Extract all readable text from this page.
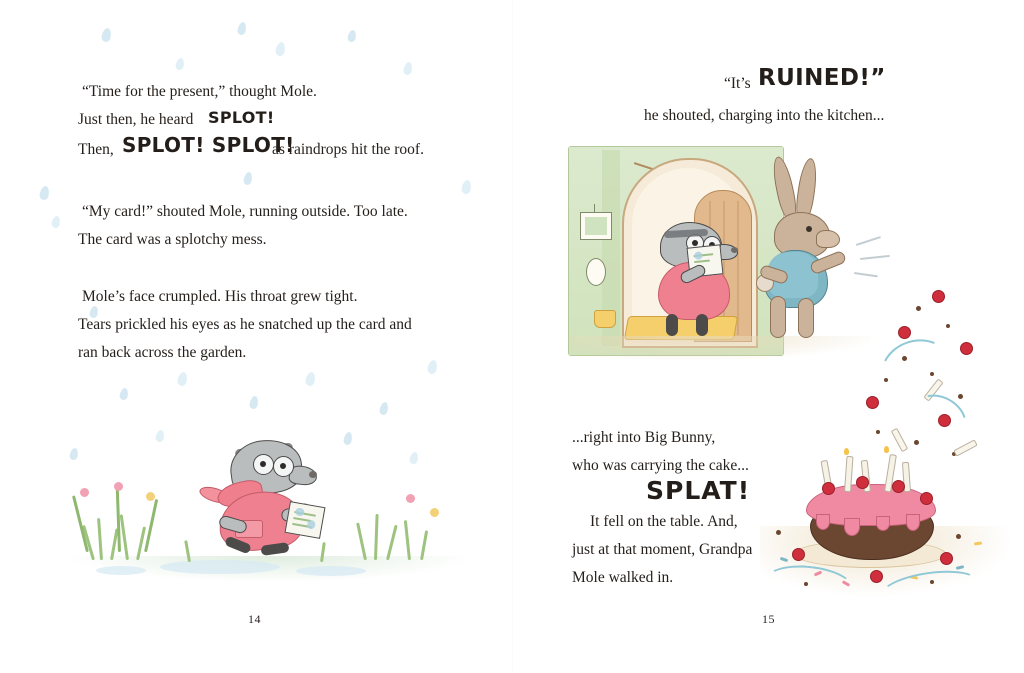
“Time for the present,” thought Mole.
Just then, he heard SPLOT!
Then, SPLOT! SPLOT!
as raindrops hit the roof.
“My card!” shouted Mole, running outside. Too late.
The card was a splotchy mess.
Mole’s face crumpled. His throat grew tight.
Tears prickled his eyes as he snatched up the card and
ran back across the garden.
14
“It’s RUINED!”
he shouted, charging into the kitchen...
...right into Big Bunny,
who was carrying the cake...
SPLAT!
It fell on the table. And,
just at that moment, Grandpa
Mole walked in.
15
